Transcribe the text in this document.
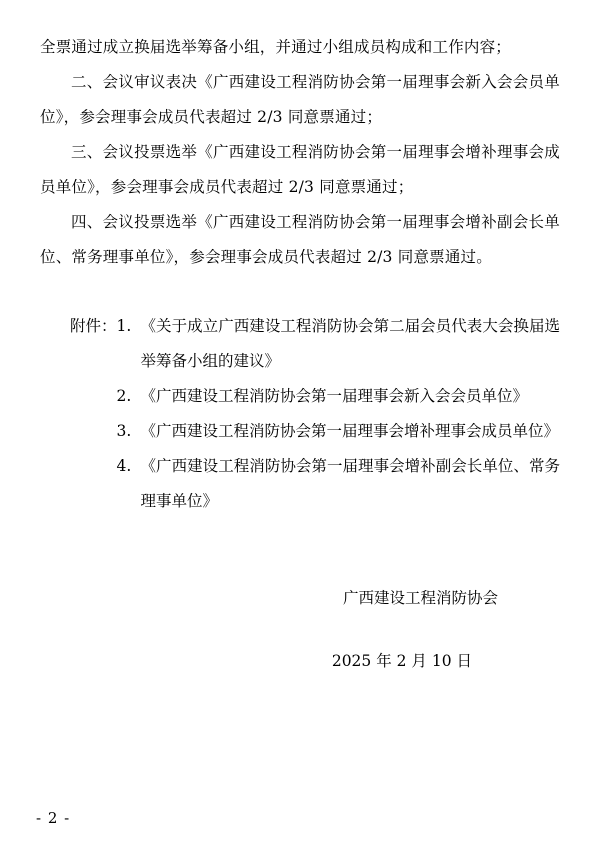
全票通过成立换届选举筹备小组，并通过小组成员构成和工作内容；

二、会议审议表决《广西建设工程消防协会第一届理事会新入会会员单位》，参会理事会成员代表超过 2/3 同意票通过；

三、会议投票选举《广西建设工程消防协会第一届理事会增补理事会成员单位》，参会理事会成员代表超过 2/3 同意票通过；

四、会议投票选举《广西建设工程消防协会第一届理事会增补副会长单位、常务理事单位》，参会理事会成员代表超过 2/3 同意票通过。

附件： 1. 《关于成立广西建设工程消防协会第二届会员代表大会换届选举筹备小组的建议》
2. 《广西建设工程消防协会第一届理事会新入会会员单位》
3. 《广西建设工程消防协会第一届理事会增补理事会成员单位》
4. 《广西建设工程消防协会第一届理事会增补副会长单位、常务理事单位》
广西建设工程消防协会
2025 年 2 月 10 日
- 2 -
